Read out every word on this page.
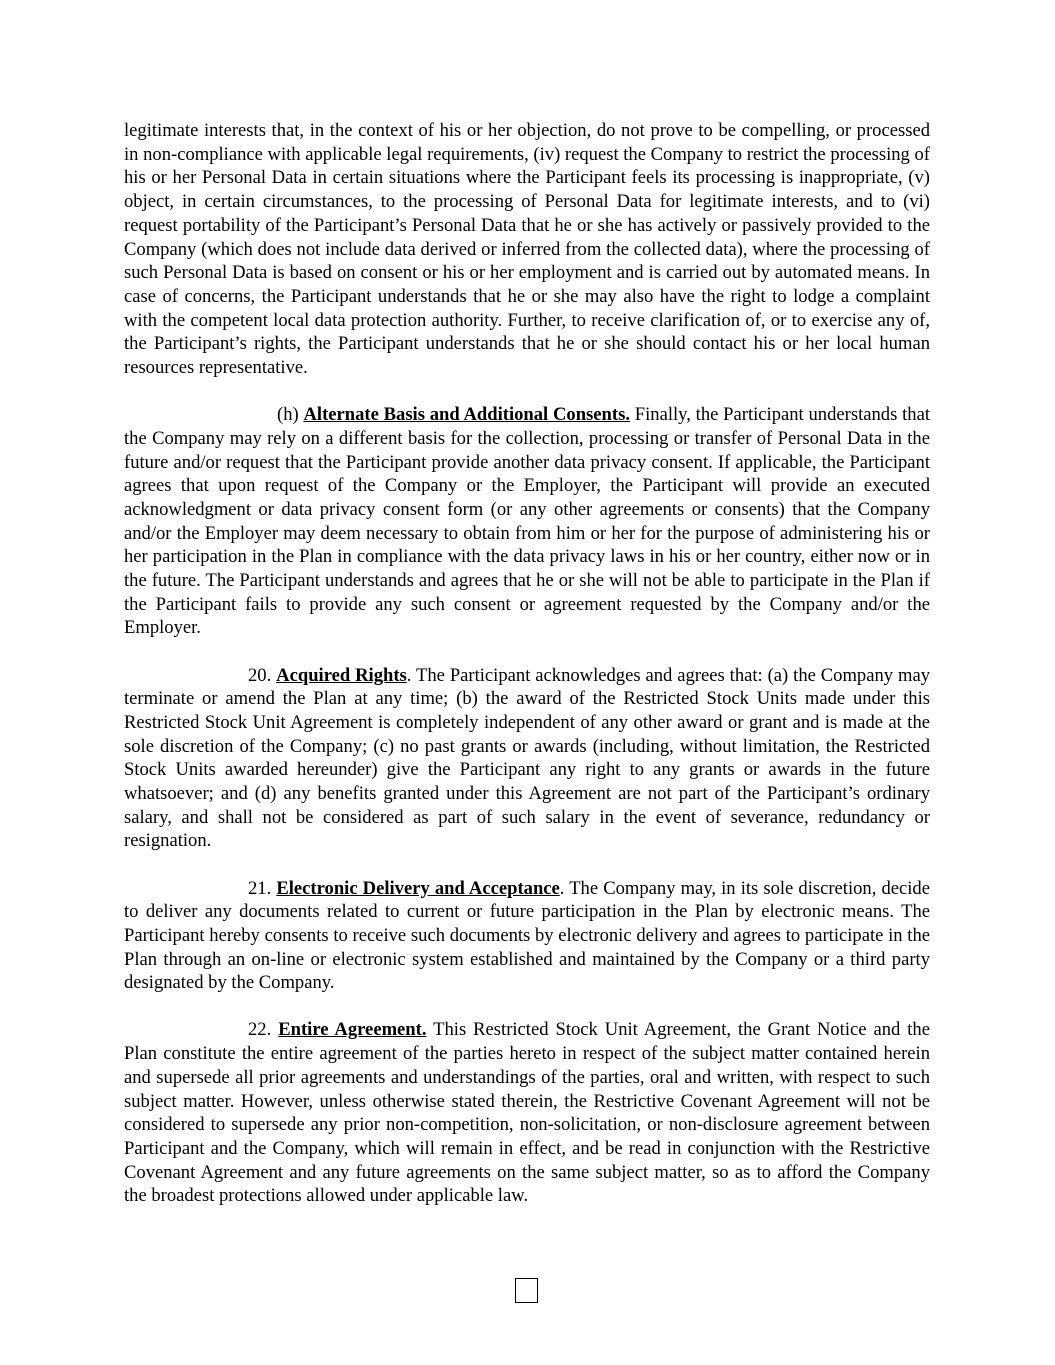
legitimate interests that, in the context of his or her objection, do not prove to be compelling, or processed in non-compliance with applicable legal requirements, (iv) request the Company to restrict the processing of his or her Personal Data in certain situations where the Participant feels its processing is inappropriate, (v) object, in certain circumstances, to the processing of Personal Data for legitimate interests, and to (vi) request portability of the Participant’s Personal Data that he or she has actively or passively provided to the Company (which does not include data derived or inferred from the collected data), where the processing of such Personal Data is based on consent or his or her employment and is carried out by automated means. In case of concerns, the Participant understands that he or she may also have the right to lodge a complaint with the competent local data protection authority. Further, to receive clarification of, or to exercise any of, the Participant’s rights, the Participant understands that he or she should contact his or her local human resources representative.

(h) Alternate Basis and Additional Consents. Finally, the Participant understands that the Company may rely on a different basis for the collection, processing or transfer of Personal Data in the future and/or request that the Participant provide another data privacy consent. If applicable, the Participant agrees that upon request of the Company or the Employer, the Participant will provide an executed acknowledgment or data privacy consent form (or any other agreements or consents) that the Company and/or the Employer may deem necessary to obtain from him or her for the purpose of administering his or her participation in the Plan in compliance with the data privacy laws in his or her country, either now or in the future. The Participant understands and agrees that he or she will not be able to participate in the Plan if the Participant fails to provide any such consent or agreement requested by the Company and/or the Employer.

20. Acquired Rights. The Participant acknowledges and agrees that: (a) the Company may terminate or amend the Plan at any time; (b) the award of the Restricted Stock Units made under this Restricted Stock Unit Agreement is completely independent of any other award or grant and is made at the sole discretion of the Company; (c) no past grants or awards (including, without limitation, the Restricted Stock Units awarded hereunder) give the Participant any right to any grants or awards in the future whatsoever; and (d) any benefits granted under this Agreement are not part of the Participant’s ordinary salary, and shall not be considered as part of such salary in the event of severance, redundancy or resignation.

21. Electronic Delivery and Acceptance. The Company may, in its sole discretion, decide to deliver any documents related to current or future participation in the Plan by electronic means. The Participant hereby consents to receive such documents by electronic delivery and agrees to participate in the Plan through an on-line or electronic system established and maintained by the Company or a third party designated by the Company.

22. Entire Agreement. This Restricted Stock Unit Agreement, the Grant Notice and the Plan constitute the entire agreement of the parties hereto in respect of the subject matter contained herein and supersede all prior agreements and understandings of the parties, oral and written, with respect to such subject matter. However, unless otherwise stated therein, the Restrictive Covenant Agreement will not be considered to supersede any prior non-competition, non-solicitation, or non-disclosure agreement between Participant and the Company, which will remain in effect, and be read in conjunction with the Restrictive Covenant Agreement and any future agreements on the same subject matter, so as to afford the Company the broadest protections allowed under applicable law.
